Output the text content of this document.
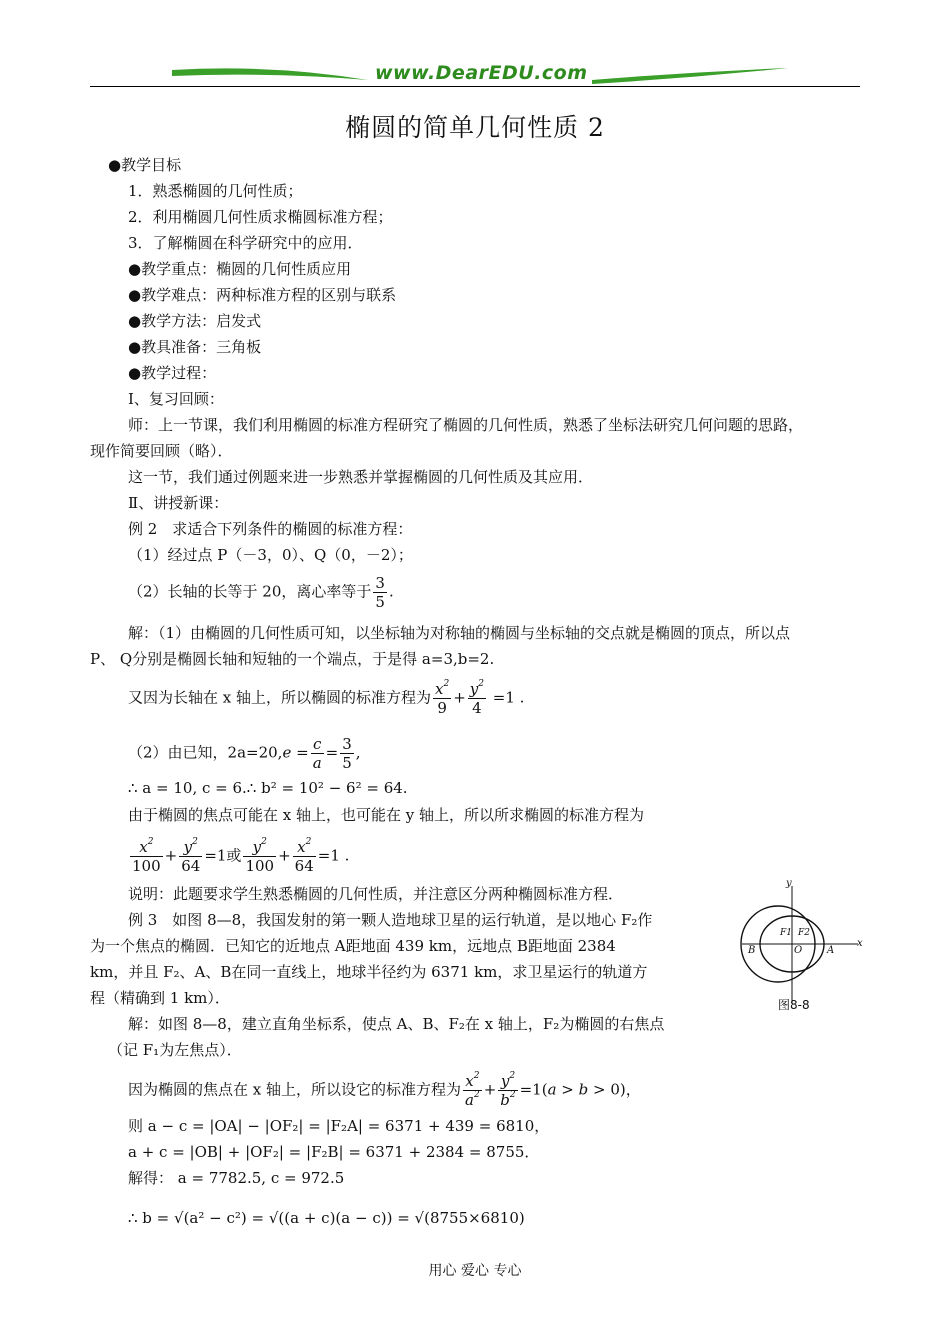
www.DearEDU.com
椭圆的简单几何性质 2
●教学目标
1．熟悉椭圆的几何性质；
2．利用椭圆几何性质求椭圆标准方程；
3．了解椭圆在科学研究中的应用．
●教学重点：椭圆的几何性质应用
●教学难点：两种标准方程的区别与联系
●教学方法：启发式
●教具准备：三角板
●教学过程：
Ⅰ、复习回顾：
师：上一节课，我们利用椭圆的标准方程研究了椭圆的几何性质，熟悉了坐标法研究几何问题的思路，
现作简要回顾（略）．
这一节，我们通过例题来进一步熟悉并掌握椭圆的几何性质及其应用．
Ⅱ、讲授新课：
例 2　求适合下列条件的椭圆的标准方程：
（1）经过点 P（－3，0）、Q（0，－2）；
（2）长轴的长等于 20，离心率等于 $\frac{3}{5}$ .
解：（1）由椭圆的几何性质可知，以坐标轴为对称轴的椭圆与坐标轴的交点就是椭圆的顶点，所以点
P、 Q分别是椭圆长轴和短轴的一个端点，于是得 a=3,b=2.
又因为长轴在 x 轴上，所以椭圆的标准方程为 $\frac{x^2}{9} + \frac{y^2}{4} =1$ .
（2）由已知，$2a=20,e = \frac{c}{a} = \frac{3}{5}$ ,
∴ a = 10, c = 6.∴ b² = 10² − 6² = 64.
由于椭圆的焦点可能在 x 轴上，也可能在 y 轴上，所以所求椭圆的标准方程为
$\frac{x^2}{100} + \frac{y^2}{64} =1$或 $\frac{y^2}{100} + \frac{x^2}{64} =1$ .
说明：此题要求学生熟悉椭圆的几何性质，并注意区分两种椭圆标准方程．
例 3　如图 8—8，我国发射的第一颗人造地球卫星的运行轨道，是以地心 F₂作
为一个焦点的椭圆．已知它的近地点 A距地面 439 km，远地点 B距地面 2384
km，并且 F₂、A、B在同一直线上，地球半径约为 6371 km，求卫星运行的轨道方
程（精确到 1 km）．
y
x
B	A
O
F1 F2
图8-8
解：如图 8—8，建立直角坐标系，使点 A、B、F₂在 x 轴上，F₂为椭圆的右焦点
（记 F₁为左焦点）．
因为椭圆的焦点在 x 轴上，所以设它的标准方程为 $\frac{x^2}{a^2} + \frac{y^2}{b^2} =1(a > b > 0)$，
则 a − c = |OA| − |OF₂| = |F₂A| = 6371 + 439 = 6810，
a + c = |OB| + |OF₂| = |F₂B| = 6371 + 2384 = 8755．
解得： a = 7782.5, c = 972.5
∴ b = √(a² − c²) = √((a + c)(a − c)) = √(8755×6810)
用心 爱心 专心
